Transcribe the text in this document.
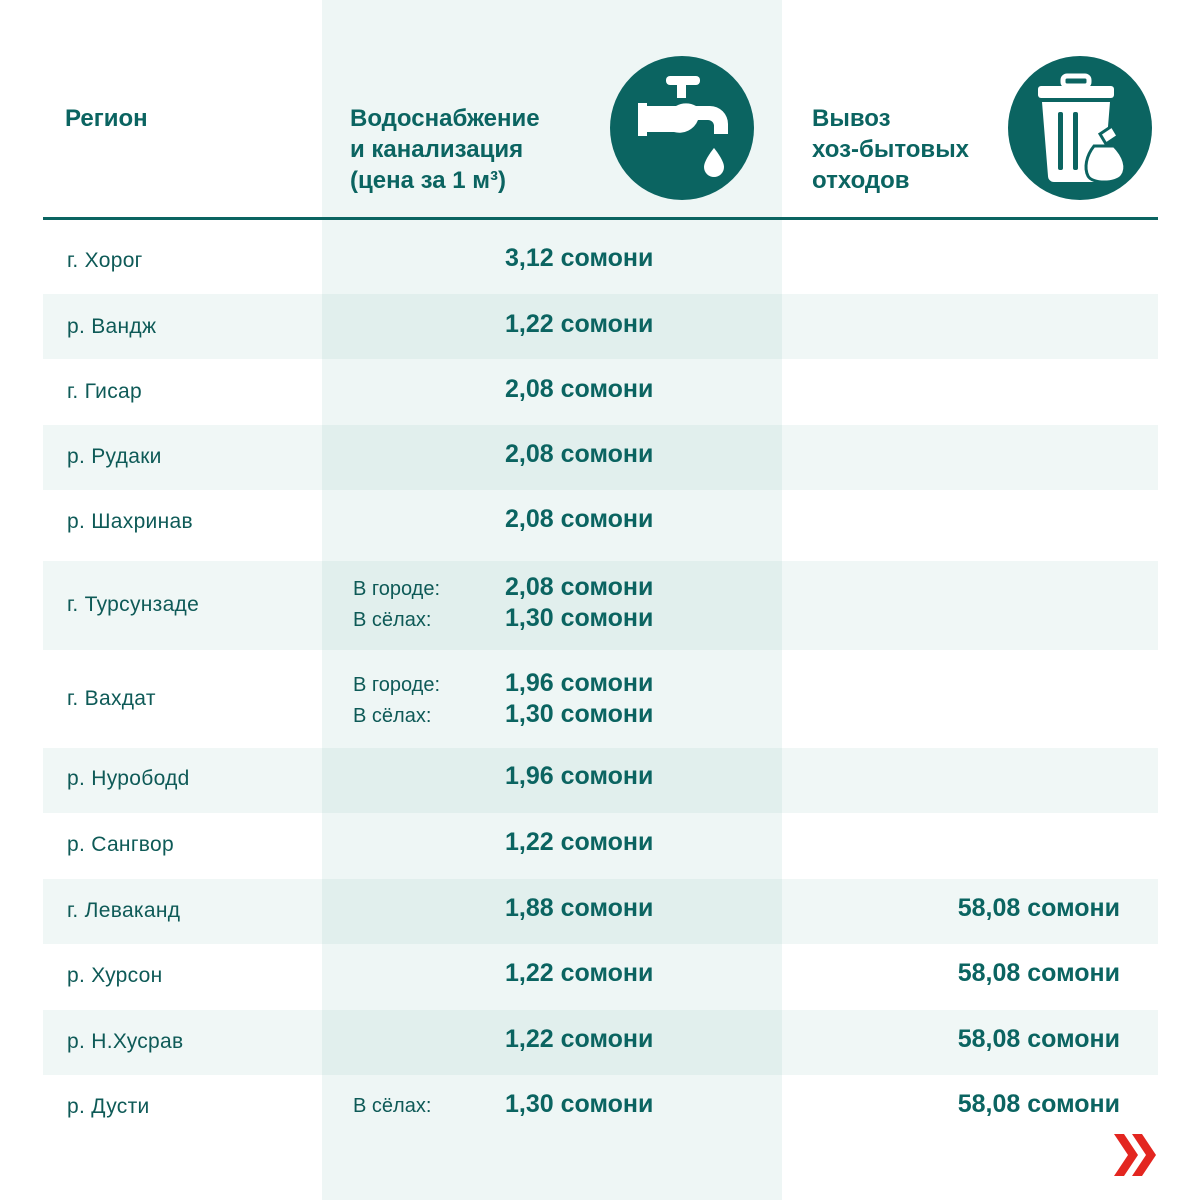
Регион	Водоснабжение
и канализация
(цена за 1 м³)
Вывоз
хоз-бытовых
отходов
г. Хорог	3,12 сомони
р. Вандж	1,22 сомони
г. Гисар	2,08 сомони
р. Рудаки	2,08 сомони
р. Шахринав	2,08 сомони
г. Турсунзаде
В городе:	2,08 сомони
В сёлах:	1,30 сомони
г. Вахдат
В городе:	1,96 сомони
В сёлах:	1,30 сомони
р. Нурободd	1,96 сомони
р. Сангвор	1,22 сомони
г. Леваканд	1,88 сомони	58,08 сомони
р. Хурсон	1,22 сомони	58,08 сомони
р. Н.Хусрав	1,22 сомони	58,08 сомони
р. Дусти	В сёлах:	1,30 сомони	58,08 сомони
